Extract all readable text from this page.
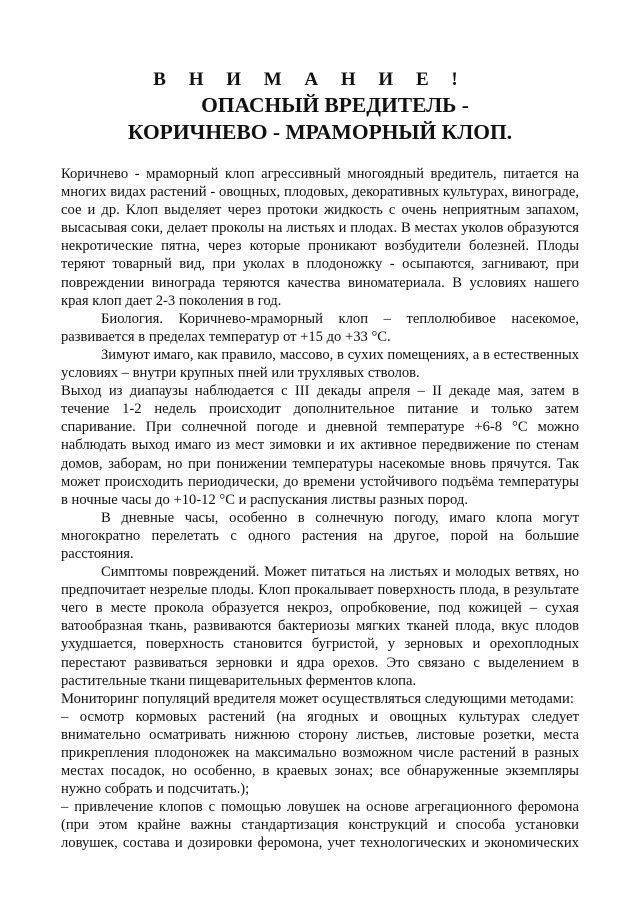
В Н И М А Н И Е !
ОПАСНЫЙ ВРЕДИТЕЛЬ -
КОРИЧНЕВО - МРАМОРНЫЙ КЛОП.

Коричнево - мраморный клоп агрессивный многоядный вредитель, питается на многих видах растений - овощных, плодовых, декоративных культурах, винограде, сое и др. Клоп выделяет через протоки жидкость с очень неприятным запахом, высасывая соки, делает проколы на листьях и плодах. В местах уколов образуются некротические пятна, через которые проникают возбудители болезней. Плоды теряют товарный вид, при уколах в плодоножку - осыпаются, загнивают, при повреждении винограда теряются качества виноматериала. В условиях нашего края клоп дает 2-3 поколения в год.

Биология. Коричнево-мраморный клоп – теплолюбивое насекомое, развивается в пределах температур от +15 до +33 °С.

Зимуют имаго, как правило, массово, в сухих помещениях, а в естественных условиях – внутри крупных пней или трухлявых стволов.

Выход из диапаузы наблюдается с III декады апреля – II декаде мая, затем в течение 1-2 недель происходит дополнительное питание и только затем спаривание. При солнечной погоде и дневной температуре +6-8 °С можно наблюдать выход имаго из мест зимовки и их активное передвижение по стенам домов, заборам, но при понижении температуры насекомые вновь прячутся. Так может происходить периодически, до времени устойчивого подъёма температуры в ночные часы до +10-12 °С и распускания листвы разных пород.

В дневные часы, особенно в солнечную погоду, имаго клопа могут многократно перелетать с одного растения на другое, порой на большие расстояния.

Симптомы повреждений. Может питаться на листьях и молодых ветвях, но предпочитает незрелые плоды. Клоп прокалывает поверхность плода, в результате чего в месте прокола образуется некроз, опробковение, под кожицей – сухая ватообразная ткань, развиваются бактериозы мягких тканей плода, вкус плодов ухудшается, поверхность становится бугристой, у зерновых и орехоплодных перестают развиваться зерновки и ядра орехов. Это связано с выделением в растительные ткани пищеварительных ферментов клопа.

Мониторинг популяций вредителя может осуществляться следующими методами:

– осмотр кормовых растений (на ягодных и овощных культурах следует внимательно осматривать нижнюю сторону листьев, листовые розетки, места прикрепления плодоножек на максимально возможном числе растений в разных местах посадок, но особенно, в краевых зонах; все обнаруженные экземпляры нужно собрать и подсчитать.);

– привлечение клопов с помощью ловушек на основе агрегационного феромона
(при этом крайне важны стандартизация конструкций и способа установки
ловушек, состава и дозировки феромона, учет технологических и экономических
